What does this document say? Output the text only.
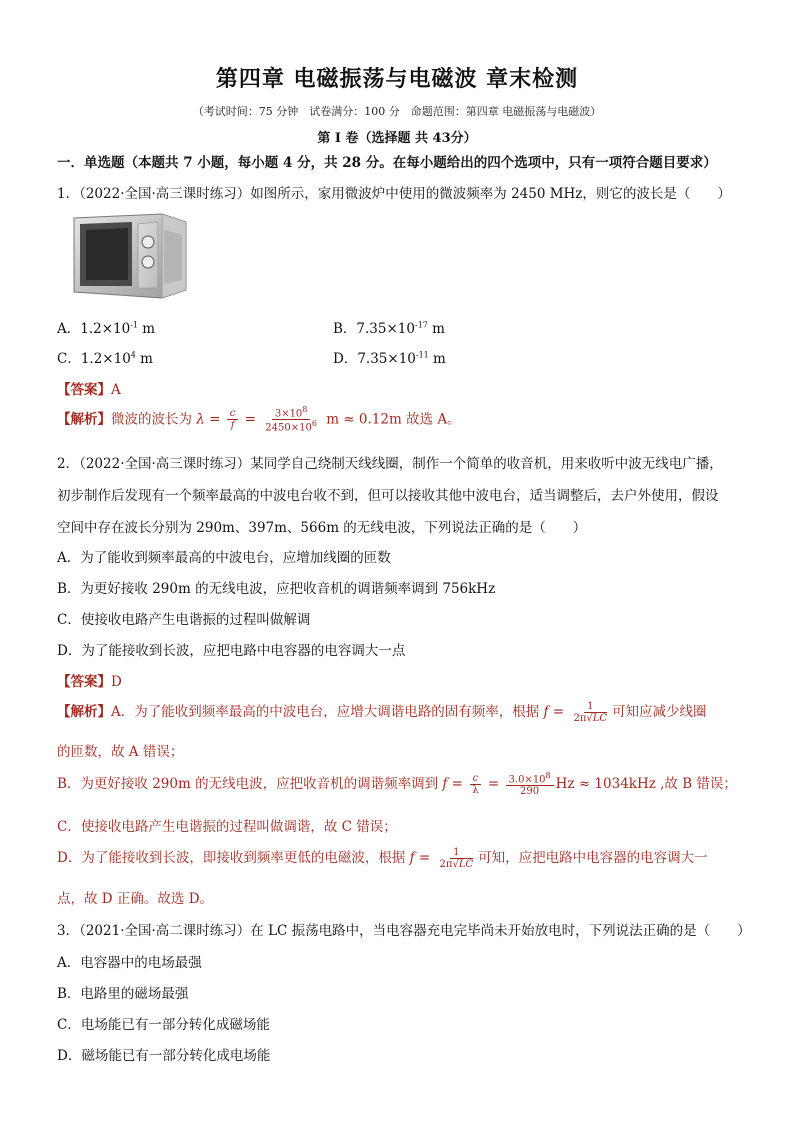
第四章 电磁振荡与电磁波 章末检测
（考试时间：75 分钟　试卷满分：100 分　命题范围：第四章 电磁振荡与电磁波）
第 I 卷（选择题 共 43分）
一．单选题（本题共 7 小题，每小题 4 分，共 28 分。在每小题给出的四个选项中，只有一项符合题目要求）
1．（2022·全国·高三课时练习）如图所示，家用微波炉中使用的微波频率为 2450 MHz，则它的波长是（　　）
A．$1.2\times 10^{-1}$ m	B．$7.35\times 10^{-17}$ m
C．$1.2\times 10^4$ m	D．$7.35\times 10^{-11}$ m
【答案】A
【解析】微波的波长为 $\lambda = \frac{c}{f} = \frac{3\times 10^8}{2450\times 10^6}$ m ≈ 0.12m 故选 A。
2．（2022·全国·高三课时练习）某同学自己绕制天线线圈，制作一个简单的收音机，用来收听中波无线电广播，
初步制作后发现有一个频率最高的中波电台收不到，但可以接收其他中波电台，适当调整后，去户外使用，假设
空间中存在波长分别为 290m、397m、566m 的无线电波，下列说法正确的是（　　）
A．为了能收到频率最高的中波电台，应增加线圈的匝数
B．为更好接收 290m 的无线电波，应把收音机的调谐频率调到 756kHz
C．使接收电路产生电谐振的过程叫做解调
D．为了能接收到长波，应把电路中电容器的电容调大一点
【答案】D
【解析】A．为了能收到频率最高的中波电台，应增大调谐电路的固有频率，根据 $f = \frac{1}{2\pi√LC}$ 可知应减少线圈
的匝数，故 A 错误；
B．为更好接收 290m 的无线电波，应把收音机的调谐频率调到 $f = \frac{c}{\lambda} = \frac{3.0\times 10^8}{290}$ Hz ≈ 1034kHz ,故 B 错误；
C．使接收电路产生电谐振的过程叫做调谐，故 C 错误；
D．为了能接收到长波，即接收到频率更低的电磁波，根据 $f = \frac{1}{2\pi√LC}$ 可知，应把电路中电容器的电容调大一
点，故 D 正确。故选 D。
3．（2021·全国·高二课时练习）在 LC 振荡电路中，当电容器充电完毕尚未开始放电时，下列说法正确的是（　　）
A．电容器中的电场最强
B．电路里的磁场最强
C．电场能已有一部分转化成磁场能
D．磁场能已有一部分转化成电场能
